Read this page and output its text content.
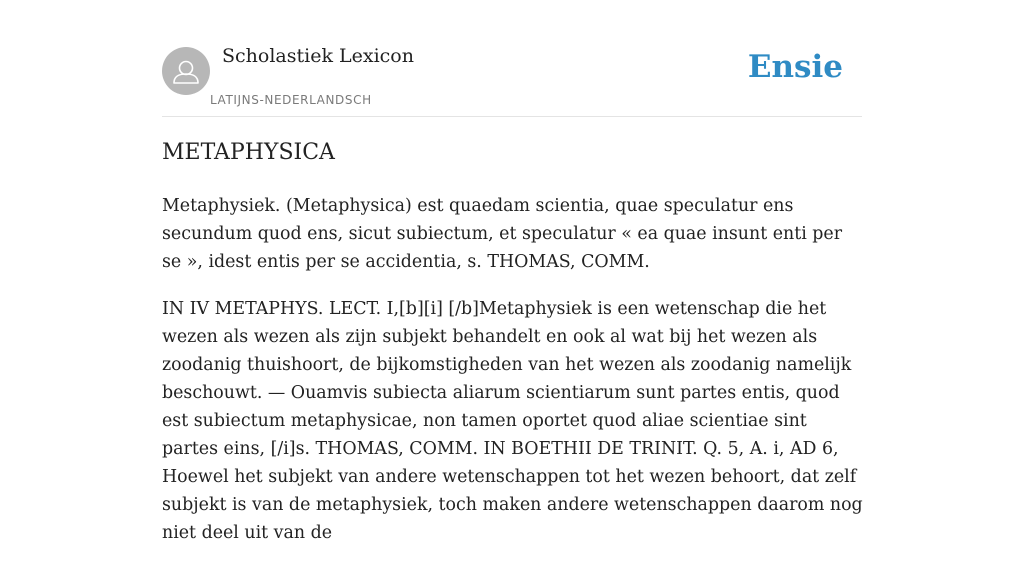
Scholastiek Lexicon
LATIJNS-NEDERLANDSCH
Ensie
METAPHYSICA

Metaphysiek. (Metaphysica) est quaedam scientia, quae speculatur ens secundum quod ens, sicut subiectum, et speculatur « ea quae insunt enti per se », idest entis per se accidentia, s. THOMAS, COMM.

IN IV METAPHYS. LECT. I,[b][i] [/b]Metaphysiek is een wetenschap die het wezen als wezen als zijn subjekt behandelt en ook al wat bij het wezen als zoodanig thuishoort, de bijkomstigheden van het wezen als zoodanig namelijk beschouwt. — Ouamvis subiecta aliarum scientiarum sunt partes entis, quod est subiectum metaphysicae, non tamen oportet quod aliae scientiae sint partes eins, [/i]s. THOMAS, COMM. IN BOETHII DE TRINIT. Q. 5, A. i, AD 6, Hoewel het subjekt van andere wetenschappen tot het wezen behoort, dat zelf subjekt is van de metaphysiek, toch maken andere wetenschappen daarom nog niet deel uit van de
